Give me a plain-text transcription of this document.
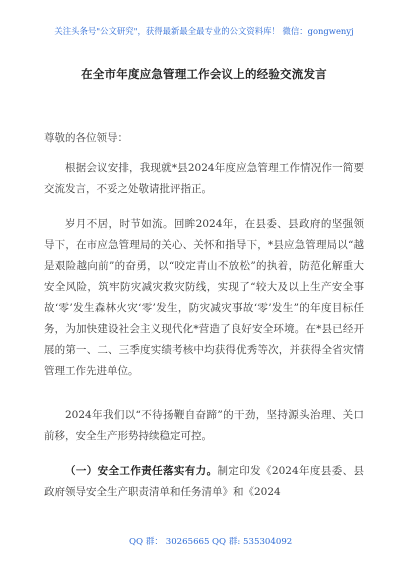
关注头条号"公文研究"，获得最新最全最专业的公文资料库！ 微信：gongwenyj
在全市年度应急管理工作会议上的经验交流发言
尊敬的各位领导：

根据会议安排，我现就*县2024年度应急管理工作情况作一简要交流发言，不妥之处敬请批评指正。

岁月不居，时节如流。回眸2024年，在县委、县政府的坚强领导下，在市应急管理局的关心、关怀和指导下，*县应急管理局以“越是艰险越向前”的奋勇，以“咬定青山不放松”的执着，防范化解重大安全风险，筑牢防灾减灾救灾防线，实现了“较大及以上生产安全事故‘零’发生森林火灾‘零’发生，防灾减灾事故‘零’发生”的年度目标任务，为加快建设社会主义现代化*营造了良好安全环境。在*县已经开展的第一、二、三季度实绩考核中均获得优秀等次，并获得全省灾情管理工作先进单位。

2024年我们以“不待扬鞭自奋蹄”的干劲，坚持源头治理、关口前移，安全生产形势持续稳定可控。

（一）安全工作责任落实有力。制定印发《2024年度县委、县政府领导安全生产职责清单和任务清单》和《2024

QQ 群： 30265665 QQ 群: 535304092
